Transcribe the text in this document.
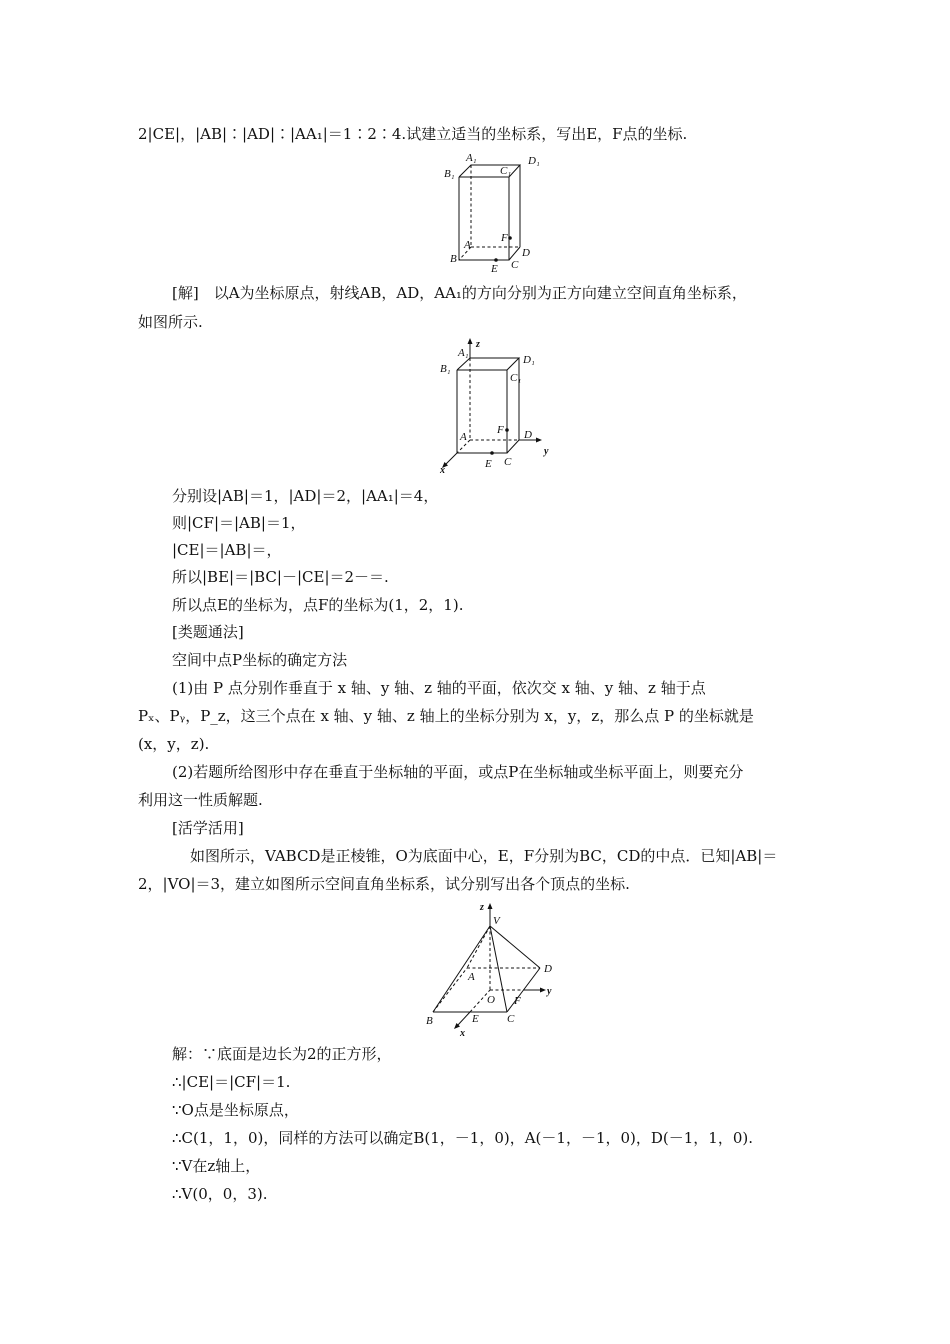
2|CE|，|AB|∶|AD|∶|AA₁|＝1∶2∶4.试建立适当的坐标系，写出E，F点的坐标.
A₁	D₁
B₁	C₁
F
A
D
B
E C
[解]　以A为坐标原点，射线AB，AD，AA₁的方向分别为正方向建立空间直角坐标系，
如图所示.
z
A₁
D₁
B₁
C₁
F
A	D
y
x
E C
分别设|AB|＝1，|AD|＝2，|AA₁|＝4，
则|CF|＝|AB|＝1，
|CE|＝|AB|＝，
所以|BE|＝|BC|－|CE|＝2－＝.
所以点E的坐标为，点F的坐标为(1，2，1).
[类题通法]
空间中点P坐标的确定方法
(1)由 P 点分别作垂直于 x 轴、y 轴、z 轴的平面，依次交 x 轴、y 轴、z 轴于点
Pₓ、Pᵧ，P_z，这三个点在 x 轴、y 轴、z 轴上的坐标分别为 x，y，z，那么点 P 的坐标就是
(x，y，z).
(2)若题所给图形中存在垂直于坐标轴的平面，或点P在坐标轴或坐标平面上，则要充分
利用这一性质解题.
[活学活用]
如图所示，VABCD是正棱锥，O为底面中心，E，F分别为BC，CD的中点．已知|AB|＝
2，|VO|＝3，建立如图所示空间直角坐标系，试分别写出各个顶点的坐标.
z
V
D
A
O F
y
B	E	C
x
解：∵底面是边长为2的正方形，
∴|CE|＝|CF|＝1.
∵O点是坐标原点，
∴C(1，1，0)，同样的方法可以确定B(1，－1，0)，A(－1，－1，0)，D(－1，1，0).
∵V在z轴上，
∴V(0，0，3).
